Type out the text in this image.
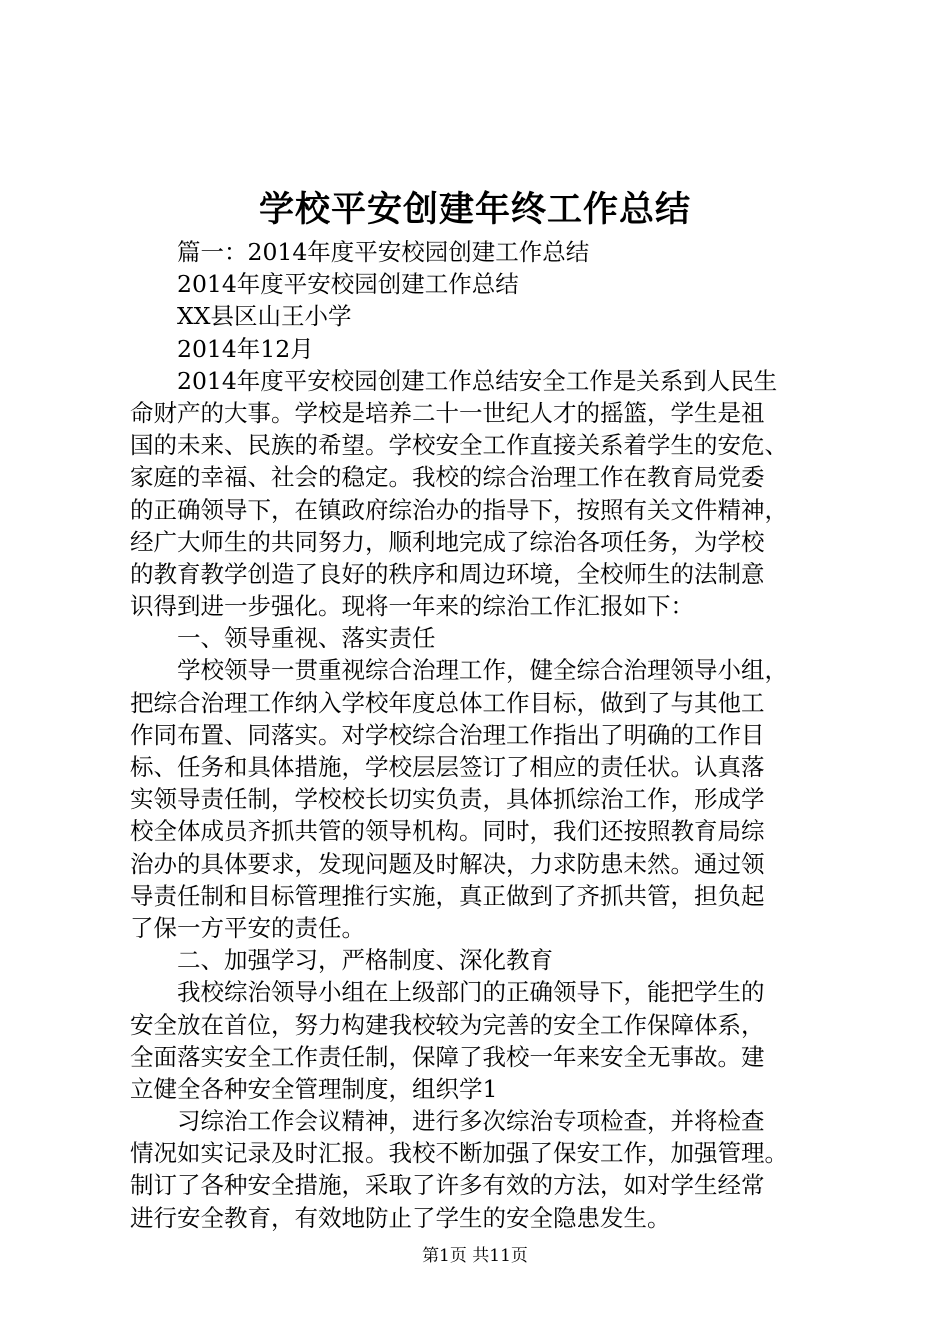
学校平安创建年终工作总结
篇一：2014年度平安校园创建工作总结
2014年度平安校园创建工作总结
XX县区山王小学
2014年12月
2014年度平安校园创建工作总结安全工作是关系到人民生
命财产的大事。学校是培养二十一世纪人才的摇篮，学生是祖
国的未来、民族的希望。学校安全工作直接关系着学生的安危、
家庭的幸福、社会的稳定。我校的综合治理工作在教育局党委
的正确领导下，在镇政府综治办的指导下，按照有关文件精神，
经广大师生的共同努力，顺利地完成了综治各项任务，为学校
的教育教学创造了良好的秩序和周边环境，全校师生的法制意
识得到进一步强化。现将一年来的综治工作汇报如下：
一、领导重视、落实责任
学校领导一贯重视综合治理工作，健全综合治理领导小组，
把综合治理工作纳入学校年度总体工作目标，做到了与其他工
作同布置、同落实。对学校综合治理工作指出了明确的工作目
标、任务和具体措施，学校层层签订了相应的责任状。认真落
实领导责任制，学校校长切实负责，具体抓综治工作，形成学
校全体成员齐抓共管的领导机构。同时，我们还按照教育局综
治办的具体要求，发现问题及时解决，力求防患未然。通过领
导责任制和目标管理推行实施，真正做到了齐抓共管，担负起
了保一方平安的责任。
二、加强学习，严格制度、深化教育
我校综治领导小组在上级部门的正确领导下，能把学生的
安全放在首位，努力构建我校较为完善的安全工作保障体系，
全面落实安全工作责任制，保障了我校一年来安全无事故。建
立健全各种安全管理制度，组织学1
习综治工作会议精神，进行多次综治专项检查，并将检查
情况如实记录及时汇报。我校不断加强了保安工作，加强管理。
制订了各种安全措施，采取了许多有效的方法，如对学生经常
进行安全教育，有效地防止了学生的安全隐患发生。
第1页 共11页
